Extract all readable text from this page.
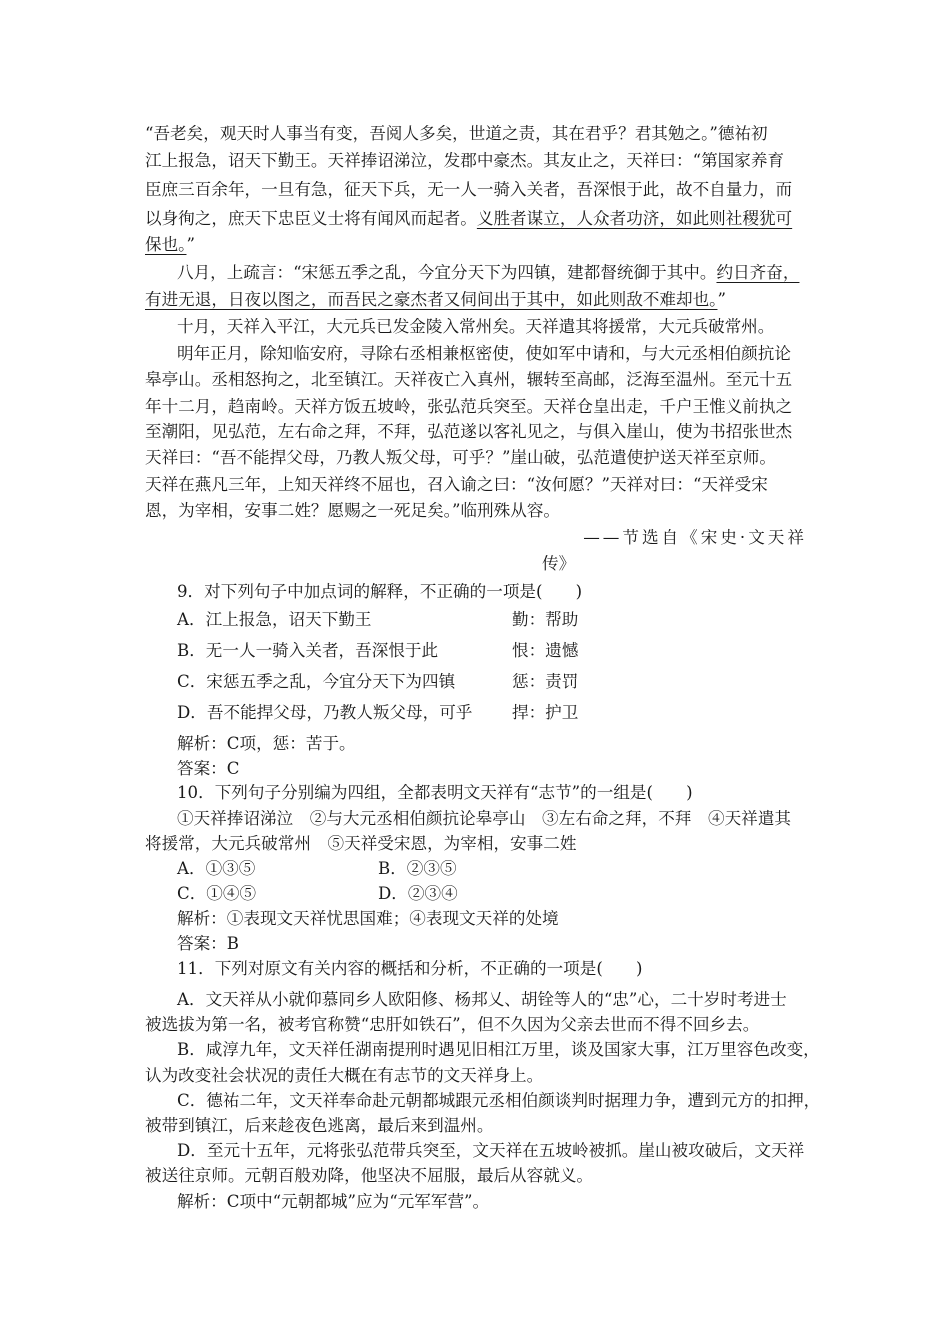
“吾老矣，观天时人事当有变，吾阅人多矣，世道之责，其在君乎？君其勉之。”德祐初
江上报急，诏天下勤王。天祥捧诏涕泣，发郡中豪杰。其友止之，天祥曰：“第国家养育
臣庶三百余年，一旦有急，征天下兵，无一人一骑入关者，吾深恨于此，故不自量力，而
以身徇之，庶天下忠臣义士将有闻风而起者。义胜者谋立，人众者功济，如此则社稷犹可
保也。”
八月，上疏言：“宋惩五季之乱，今宜分天下为四镇，建都督统御于其中。约日齐奋，
有进无退，日夜以图之，而吾民之豪杰者又伺间出于其中，如此则敌不难却也。”
十月，天祥入平江，大元兵已发金陵入常州矣。天祥遣其将援常，大元兵破常州。
明年正月，除知临安府，寻除右丞相兼枢密使，使如军中请和，与大元丞相伯颜抗论
皋亭山。丞相怒拘之，北至镇江。天祥夜亡入真州，辗转至高邮，泛海至温州。至元十五
年十二月，趋南岭。天祥方饭五坡岭，张弘范兵突至。天祥仓皇出走，千户王惟义前执之
至潮阳，见弘范，左右命之拜，不拜，弘范遂以客礼见之，与俱入崖山，使为书招张世杰
天祥曰：“吾不能捍父母，乃教人叛父母，可乎？”崖山破，弘范遣使护送天祥至京师。
天祥在燕凡三年，上知天祥终不屈也，召入谕之曰：“汝何愿？”天祥对曰：“天祥受宋
恩，为宰相，安事二姓？愿赐之一死足矣。”临刑殊从容。
——节选自《宋史·文天祥
传》
9．对下列句子中加点词的解释，不正确的一项是(　　)
A．江上报急，诏天下勤王	勤：帮助
B．无一人一骑入关者，吾深恨于此	恨：遗憾
C．宋惩五季之乱，今宜分天下为四镇	惩：责罚
D．吾不能捍父母，乃教人叛父母，可乎 捍：护卫
解析：C项，惩：苦于。
答案：C
10．下列句子分别编为四组，全都表明文天祥有“志节”的一组是(　　)
①天祥捧诏涕泣　②与大元丞相伯颜抗论皋亭山　③左右命之拜，不拜　④天祥遣其
将援常，大元兵破常州　⑤天祥受宋恩，为宰相，安事二姓
A．①③⑤	B．②③⑤
C．①④⑤	D．②③④
解析：①表现文天祥忧思国难；④表现文天祥的处境
答案：B
11．下列对原文有关内容的概括和分析，不正确的一项是(　　)
A．文天祥从小就仰慕同乡人欧阳修、杨邦乂、胡铨等人的“忠”心，二十岁时考进士
被选拔为第一名，被考官称赞“忠肝如铁石”，但不久因为父亲去世而不得不回乡去。
B．咸淳九年，文天祥任湖南提刑时遇见旧相江万里，谈及国家大事，江万里容色改变，
认为改变社会状况的责任大概在有志节的文天祥身上。
C．德祐二年，文天祥奉命赴元朝都城跟元丞相伯颜谈判时据理力争，遭到元方的扣押，
被带到镇江，后来趁夜色逃离，最后来到温州。
D．至元十五年，元将张弘范带兵突至，文天祥在五坡岭被抓。崖山被攻破后，文天祥
被送往京师。元朝百般劝降，他坚决不屈服，最后从容就义。
解析：C项中“元朝都城”应为“元军军营”。
